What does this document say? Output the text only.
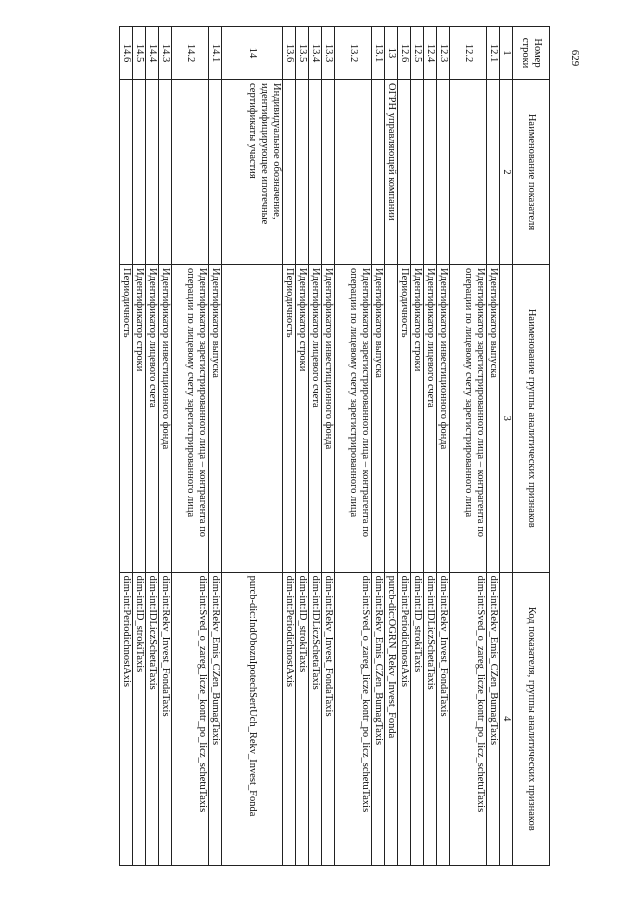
629
Номер строки	Наименование показателя	Наименование группы аналитических признаков	Код показателя, группы аналитических признаков
1	2	3	4
12.1		Идентификатор выпуска	dim-int:Rekv_Emis_CZen_BumagTaxis
12.2		Идентификатор зарегистрированного лица – контрагента по операции по лицевому счету зарегистрированного лица	dim-int:Sved_o_zareg_licze_kontr_po_licz_schetuTaxis
12.3		Идентификатор инвестиционного фонда	dim-int:Rekv_Invest_FondaTaxis
12.4		Идентификатор лицевого счета	dim-int:IDLiczSchetaTaxis
12.5		Идентификатор строки	dim-int:ID_strokiTaxis
12.6		Периодичность	dim-int:PeriodichnostAxis
13	ОГРН управляющей компании		purcb-dic:OGRN_Rekv_Invest_Fonda
13.1		Идентификатор выпуска	dim-int:Rekv_Emis_CZen_BumagTaxis
13.2		Идентификатор зарегистрированного лица – контрагента по операции по лицевому счету зарегистрированного лица	dim-int:Sved_o_zareg_licze_kontr_po_licz_schetuTaxis
13.3		Идентификатор инвестиционного фонда	dim-int:Rekv_Invest_FondaTaxis
13.4		Идентификатор лицевого счета	dim-int:IDLiczSchetaTaxis
13.5		Идентификатор строки	dim-int:ID_strokiTaxis
13.6		Периодичность	dim-int:PeriodichnostAxis
14	Индивидуальное обозначение, идентифицирующее ипотечные сертификаты участия		purcb-dic:IndOboznIpotechSertUch_Rekv_Invest_Fonda
14.1		Идентификатор выпуска	dim-int:Rekv_Emis_CZen_BumagTaxis
14.2		Идентификатор зарегистрированного лица – контрагента по операции по лицевому счету зарегистрированного лица	dim-int:Sved_o_zareg_licze_kontr_po_licz_schetuTaxis
14.3		Идентификатор инвестиционного фонда	dim-int:Rekv_Invest_FondaTaxis
14.4		Идентификатор лицевого счета	dim-int:IDLiczSchetaTaxis
14.5		Идентификатор строки	dim-int:ID_strokiTaxis
14.6		Периодичность	dim-int:PeriodichnostAxis
